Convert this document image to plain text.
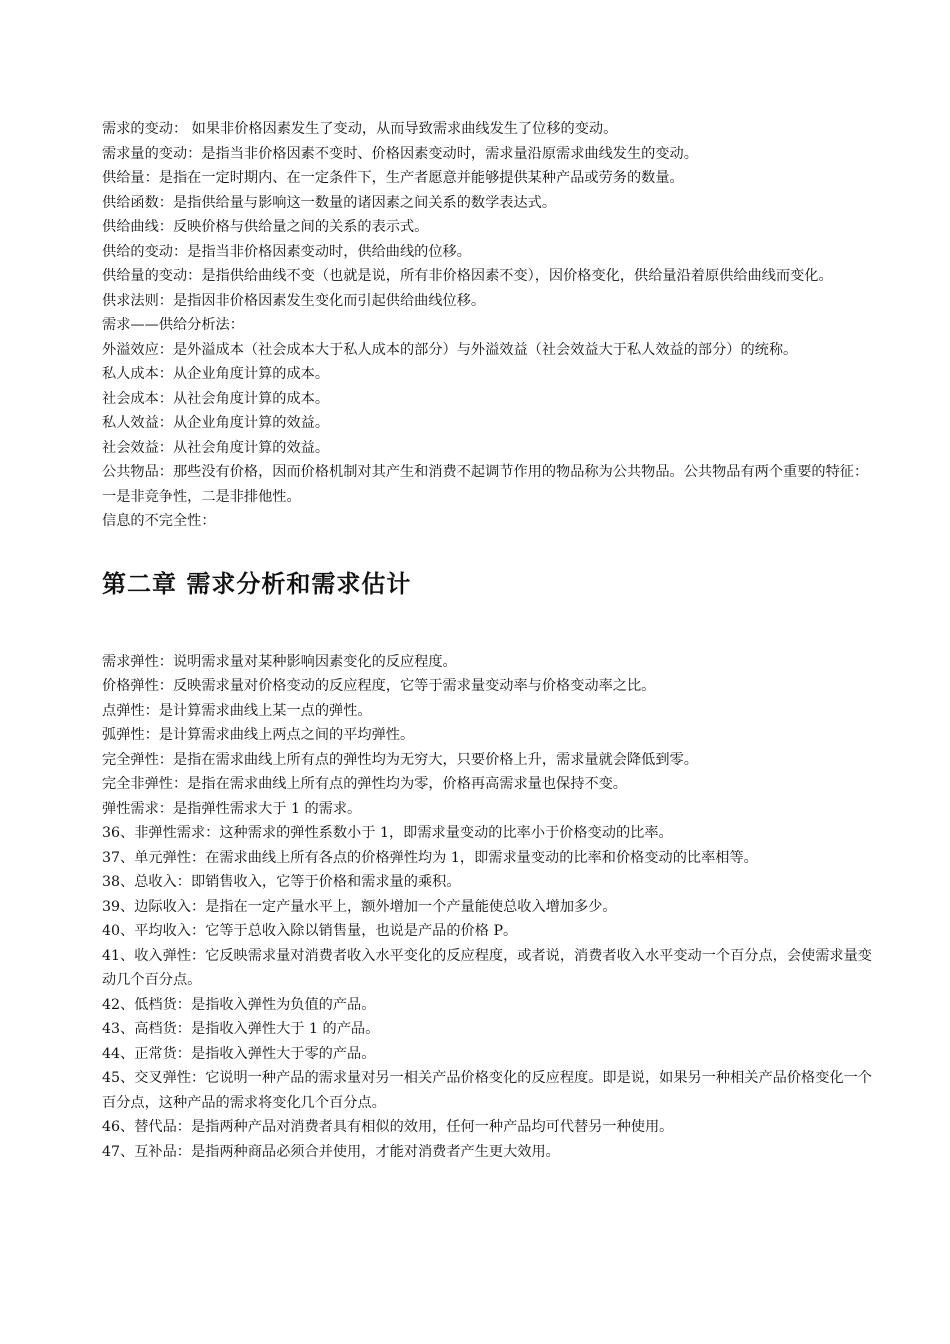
需求的变动： 如果非价格因素发生了变动，从而导致需求曲线发生了位移的变动。

需求量的变动：是指当非价格因素不变时、价格因素变动时，需求量沿原需求曲线发生的变动。

供给量：是指在一定时期内、在一定条件下，生产者愿意并能够提供某种产品或劳务的数量。

供给函数：是指供给量与影响这一数量的诸因素之间关系的数学表达式。

供给曲线：反映价格与供给量之间的关系的表示式。

供给的变动：是指当非价格因素变动时，供给曲线的位移。

供给量的变动：是指供给曲线不变（也就是说，所有非价格因素不变），因价格变化，供给量沿着原供给曲线而变化。

供求法则：是指因非价格因素发生变化而引起供给曲线位移。

需求——供给分析法：

外溢效应：是外溢成本（社会成本大于私人成本的部分）与外溢效益（社会效益大于私人效益的部分）的统称。

私人成本：从企业角度计算的成本。

社会成本：从社会角度计算的成本。

私人效益：从企业角度计算的效益。

社会效益：从社会角度计算的效益。

公共物品：那些没有价格，因而价格机制对其产生和消费不起调节作用的物品称为公共物品。公共物品有两个重要的特征：一是非竞争性，二是非排他性。

信息的不完全性：

第二章 需求分析和需求估计

需求弹性：说明需求量对某种影响因素变化的反应程度。

价格弹性：反映需求量对价格变动的反应程度，它等于需求量变动率与价格变动率之比。

点弹性：是计算需求曲线上某一点的弹性。

弧弹性：是计算需求曲线上两点之间的平均弹性。

完全弹性：是指在需求曲线上所有点的弹性均为无穷大，只要价格上升，需求量就会降低到零。

完全非弹性：是指在需求曲线上所有点的弹性均为零，价格再高需求量也保持不变。

弹性需求：是指弹性需求大于 1 的需求。

36、非弹性需求：这种需求的弹性系数小于 1，即需求量变动的比率小于价格变动的比率。

37、单元弹性：在需求曲线上所有各点的价格弹性均为 1，即需求量变动的比率和价格变动的比率相等。

38、总收入：即销售收入，它等于价格和需求量的乘积。

39、边际收入：是指在一定产量水平上，额外增加一个产量能使总收入增加多少。

40、平均收入：它等于总收入除以销售量，也说是产品的价格 P。

41、收入弹性：它反映需求量对消费者收入水平变化的反应程度，或者说，消费者收入水平变动一个百分点，会使需求量变动几个百分点。

42、低档货：是指收入弹性为负值的产品。

43、高档货：是指收入弹性大于 1 的产品。

44、正常货：是指收入弹性大于零的产品。

45、交叉弹性：它说明一种产品的需求量对另一相关产品价格变化的反应程度。即是说，如果另一种相关产品价格变化一个百分点，这种产品的需求将变化几个百分点。

46、替代品：是指两种产品对消费者具有相似的效用，任何一种产品均可代替另一种使用。

47、互补品：是指两种商品必须合并使用，才能对消费者产生更大效用。
